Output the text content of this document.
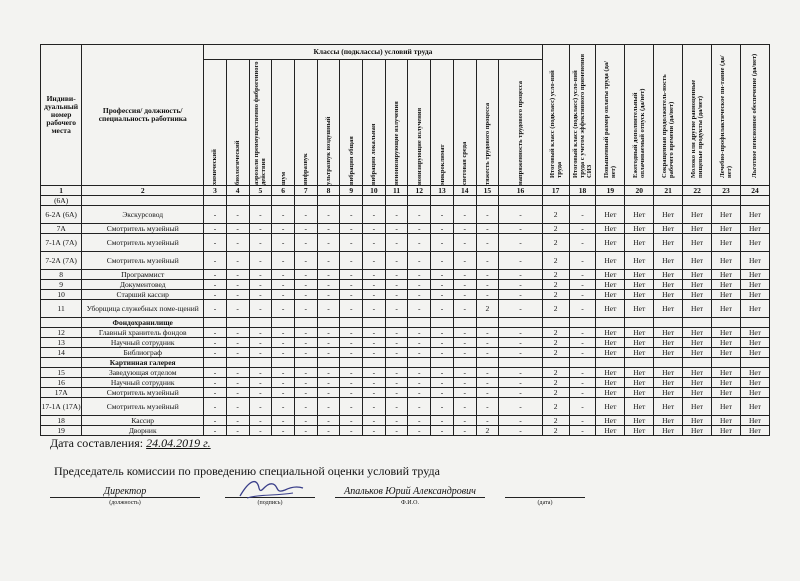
Индиви-дуальный номер рабочего места	Профессия/ должность/ специальность работника	Классы (подклассы) условий труда														Итоговый класс (подкласс) усло-вий труда	Итоговый класс (подкласс) усло-вий труда с учетом эффективного применения СИЗ	Повышенный размер оплаты труда (да/нет)	Ежегодный дополнительный оплачиваемый отпуск (да/нет)	Сокращенная продолжитель-ность рабочего времени (да/нет)	Молоко или другие равноценные пищевые продукты (да/нет)	Лечебно-профилактическое пи-тание (да/нет)	Льготное пенсионное обеспечение (да/нет)

		химический	биологический	аэрозоли преимущественно фиброгенного действия	шум	инфразвук	ультразвук воздушный	вибрация общая	вибрация локальная	неионизирующие излучения	ионизирующие излучения	микроклимат	световая среда	тяжесть трудового процесса	напряженность трудового процесса								

1	2	3	4	5	6	7	8	9	10	11	12	13	14	15	16	17	18	19	20	21	22	23	24
(6А)																							
6-2А (6А)	Экскурсовод	-	-	-	-	-	-	-	-	-	-	-	-	-	-	2	-	Нет	Нет	Нет	Нет	Нет	Нет
7А	Смотритель музейный	-	-	-	-	-	-	-	-	-	-	-	-	-	-	2	-	Нет	Нет	Нет	Нет	Нет	Нет
7-1А (7А)	Смотритель музейный	-	-	-	-	-	-	-	-	-	-	-	-	-	-	2	-	Нет	Нет	Нет	Нет	Нет	Нет
7-2А (7А)	Смотритель музейный	-	-	-	-	-	-	-	-	-	-	-	-	-	-	2	-	Нет	Нет	Нет	Нет	Нет	Нет
8	Программист	-	-	-	-	-	-	-	-	-	-	-	-	-	-	2	-	Нет	Нет	Нет	Нет	Нет	Нет
9	Документовед	-	-	-	-	-	-	-	-	-	-	-	-	-	-	2	-	Нет	Нет	Нет	Нет	Нет	Нет
10	Старший кассир	-	-	-	-	-	-	-	-	-	-	-	-	-	-	2	-	Нет	Нет	Нет	Нет	Нет	Нет
11	Уборщица служебных поме-щений	-	-	-	-	-	-	-	-	-	-	-	-	2	-	2	-	Нет	Нет	Нет	Нет	Нет	Нет
	Фондохранилище																						
12	Главный хранитель фондов	-	-	-	-	-	-	-	-	-	-	-	-	-	-	2	-	Нет	Нет	Нет	Нет	Нет	Нет
13	Научный сотрудник	-	-	-	-	-	-	-	-	-	-	-	-	-	-	2	-	Нет	Нет	Нет	Нет	Нет	Нет
14	Библиограф	-	-	-	-	-	-	-	-	-	-	-	-	-	-	2	-	Нет	Нет	Нет	Нет	Нет	Нет
	Картинная галерея																						
15	Заведующая отделом	-	-	-	-	-	-	-	-	-	-	-	-	-	-	2	-	Нет	Нет	Нет	Нет	Нет	Нет
16	Научный сотрудник	-	-	-	-	-	-	-	-	-	-	-	-	-	-	2	-	Нет	Нет	Нет	Нет	Нет	Нет
17А	Смотритель музейный	-	-	-	-	-	-	-	-	-	-	-	-	-	-	2	-	Нет	Нет	Нет	Нет	Нет	Нет
17-1А (17А)	Смотритель музейный	-	-	-	-	-	-	-	-	-	-	-	-	-	-	2	-	Нет	Нет	Нет	Нет	Нет	Нет
18	Кассир	-	-	-	-	-	-	-	-	-	-	-	-	-	-	2	-	Нет	Нет	Нет	Нет	Нет	Нет
19	Дворник	-	-	-	-	-	-	-	-	-	-	-	-	2	-	2	-	Нет	Нет	Нет	Нет	Нет	Нет
Дата составления: 24.04.2019 г.
Председатель комиссии по проведению специальной оценки условий труда
Директор	Апальков Юрий Александрович
(должность)	(подпись)	Ф.И.О.	(дата)
